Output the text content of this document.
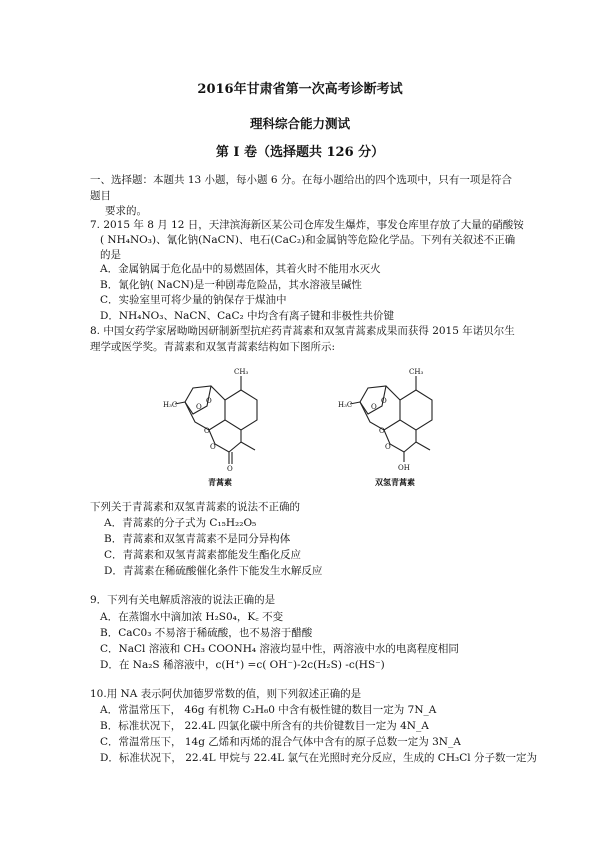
2016年甘肃省第一次高考诊断考试
理科综合能力测试
第 I 卷（选择题共 126 分）
一、选择题：本题共 13 小题，每小题 6 分。在每小题给出的四个选项中，只有一项是符合
题目
要求的。
7. 2015 年 8 月 12 日，天津滨海新区某公司仓库发生爆炸，事发仓库里存放了大量的硝酸铵
( NH₄NO₃)、氰化钠(NaCN)、电石(CaC₂)和金属钠等危险化学品。下列有关叙述不正确
的是
A．金属钠属于危化品中的易燃固体，其着火时不能用水灭火
B．氰化钠( NaCN)是一种剧毒危险品，其水溶液呈碱性
C．实验室里可将少量的钠保存于煤油中
D．NH₄NO₃、NaCN、CaC₂ 中均含有离子键和非极性共价键
8. 中国女药学家屠呦呦因研制新型抗疟药青蒿素和双氢青蒿素成果而获得 2015 年诺贝尔生
理学或医学奖。青蒿素和双氢青蒿素结构如下图所示:
H₃C
CH₃
O
O
O
O
O
青蒿素
H₃C
CH₃
O
O
O
O
OH
双氢青蒿素
下列关于青蒿素和双氢青蒿素的说法不正确的
A．青蒿素的分子式为 C₁₅H₂₂O₅
B．青蒿素和双氢青蒿素不是同分异构体
C．青蒿素和双氢青蒿素都能发生酯化反应
D．青蒿素在稀硫酸催化条件下能发生水解反应
9．下列有关电解质溶液的说法正确的是
A．在蒸馏水中滴加浓 H₂S0₄，K꜀ 不变
B．CaC0₃ 不易溶于稀硫酸，也不易溶于醋酸
C．NaCl 溶液和 CH₃ COONH₄ 溶液均显中性，两溶液中水的电离程度相同
D．在 Na₂S 稀溶液中，c(H⁺) =c( OH⁻)-2c(H₂S) -c(HS⁻)
10.用 NA 表示阿伏加德罗常数的值，则下列叙述正确的是
A．常温常压下， 46g 有机物 C₂H₆0 中含有极性键的数目一定为 7N_A
B．标准状况下， 22.4L 四氯化碳中所含有的共价键数目一定为 4N_A
C．常温常压下， 14g 乙烯和丙烯的混合气体中含有的原子总数一定为 3N_A
D．标准状况下， 22.4L 甲烷与 22.4L 氯气在光照时充分反应，生成的 CH₃Cl 分子数一定为
